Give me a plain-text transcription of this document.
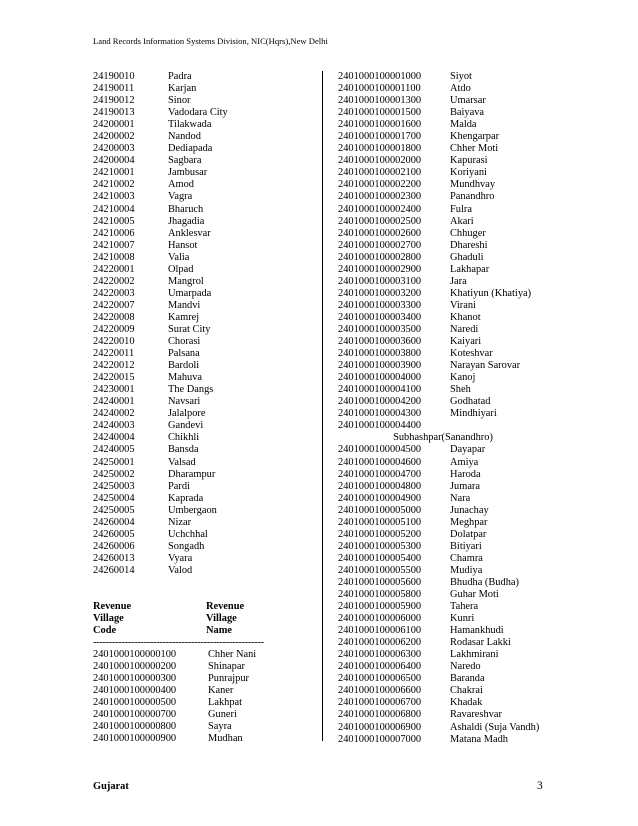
Land Records Information Systems Division, NIC(Hqrs),New Delhi
24190010	Padra
24190011	Karjan
24190012	Sinor
24190013	Vadodara City
24200001	Tilakwada
24200002	Nandod
24200003	Dediapada
24200004	Sagbara
24210001	Jambusar
24210002	Amod
24210003	Vagra
24210004	Bharuch
24210005	Jhagadia
24210006	Anklesvar
24210007	Hansot
24210008	Valia
24220001	Olpad
24220002	Mangrol
24220003	Umarpada
24220007	Mandvi
24220008	Kamrej
24220009	Surat City
24220010	Chorasi
24220011	Palsana
24220012	Bardoli
24220015	Mahuva
24230001	The Dangs
24240001	Navsari
24240002	Jalalpore
24240003	Gandevi
24240004	Chikhli
24240005	Bansda
24250001	Valsad
24250002	Dharampur
24250003	Pardi
24250004	Kaprada
24250005	Umbergaon
24260004	Nizar
24260005	Uchchhal
24260006	Songadh
24260013	Vyara
24260014	Valod
Revenue	Revenue
Village	Village
Code	Name
------------------------------------------------------
2401000100000100	Chher Nani
2401000100000200	Shinapar
2401000100000300	Punrajpur
2401000100000400	Kaner
2401000100000500	Lakhpat
2401000100000700	Guneri
2401000100000800	Sayra
2401000100000900	Mudhan
2401000100001000	Siyot
2401000100001100	Atdo
2401000100001300	Umarsar
2401000100001500	Baiyava
2401000100001600	Malda
2401000100001700	Khengarpar
2401000100001800	Chher Moti
2401000100002000	Kapurasi
2401000100002100	Koriyani
2401000100002200	Mundhvay
2401000100002300	Panandhro
2401000100002400	Fulra
2401000100002500	Akari
2401000100002600	Chhuger
2401000100002700	Dhareshi
2401000100002800	Ghaduli
2401000100002900	Lakhapar
2401000100003100	Jara
2401000100003200	Khatiyun (Khatiya)
2401000100003300	Virani
2401000100003400	Khanot
2401000100003500	Naredi
2401000100003600	Kaiyari
2401000100003800	Koteshvar
2401000100003900	Narayan Sarovar
2401000100004000	Kanoj
2401000100004100	Sheh
2401000100004200	Godhatad
2401000100004300	Mindhiyari
2401000100004400
Subhashpar(Sanandhro)
2401000100004500	Dayapar
2401000100004600	Amiya
2401000100004700	Haroda
2401000100004800	Jumara
2401000100004900	Nara
2401000100005000	Junachay
2401000100005100	Meghpar
2401000100005200	Dolatpar
2401000100005300	Bitiyari
2401000100005400	Chamra
2401000100005500	Mudiya
2401000100005600	Bhudha (Budha)
2401000100005800	Guhar Moti
2401000100005900	Tahera
2401000100006000	Kunri
2401000100006100	Hamankhudi
2401000100006200	Rodasar Lakki
2401000100006300	Lakhmirani
2401000100006400	Naredo
2401000100006500	Baranda
2401000100006600	Chakrai
2401000100006700	Khadak
2401000100006800	Ravareshvar
2401000100006900	Ashaldi (Suja Vandh)
2401000100007000	Matana Madh
Gujarat	3
